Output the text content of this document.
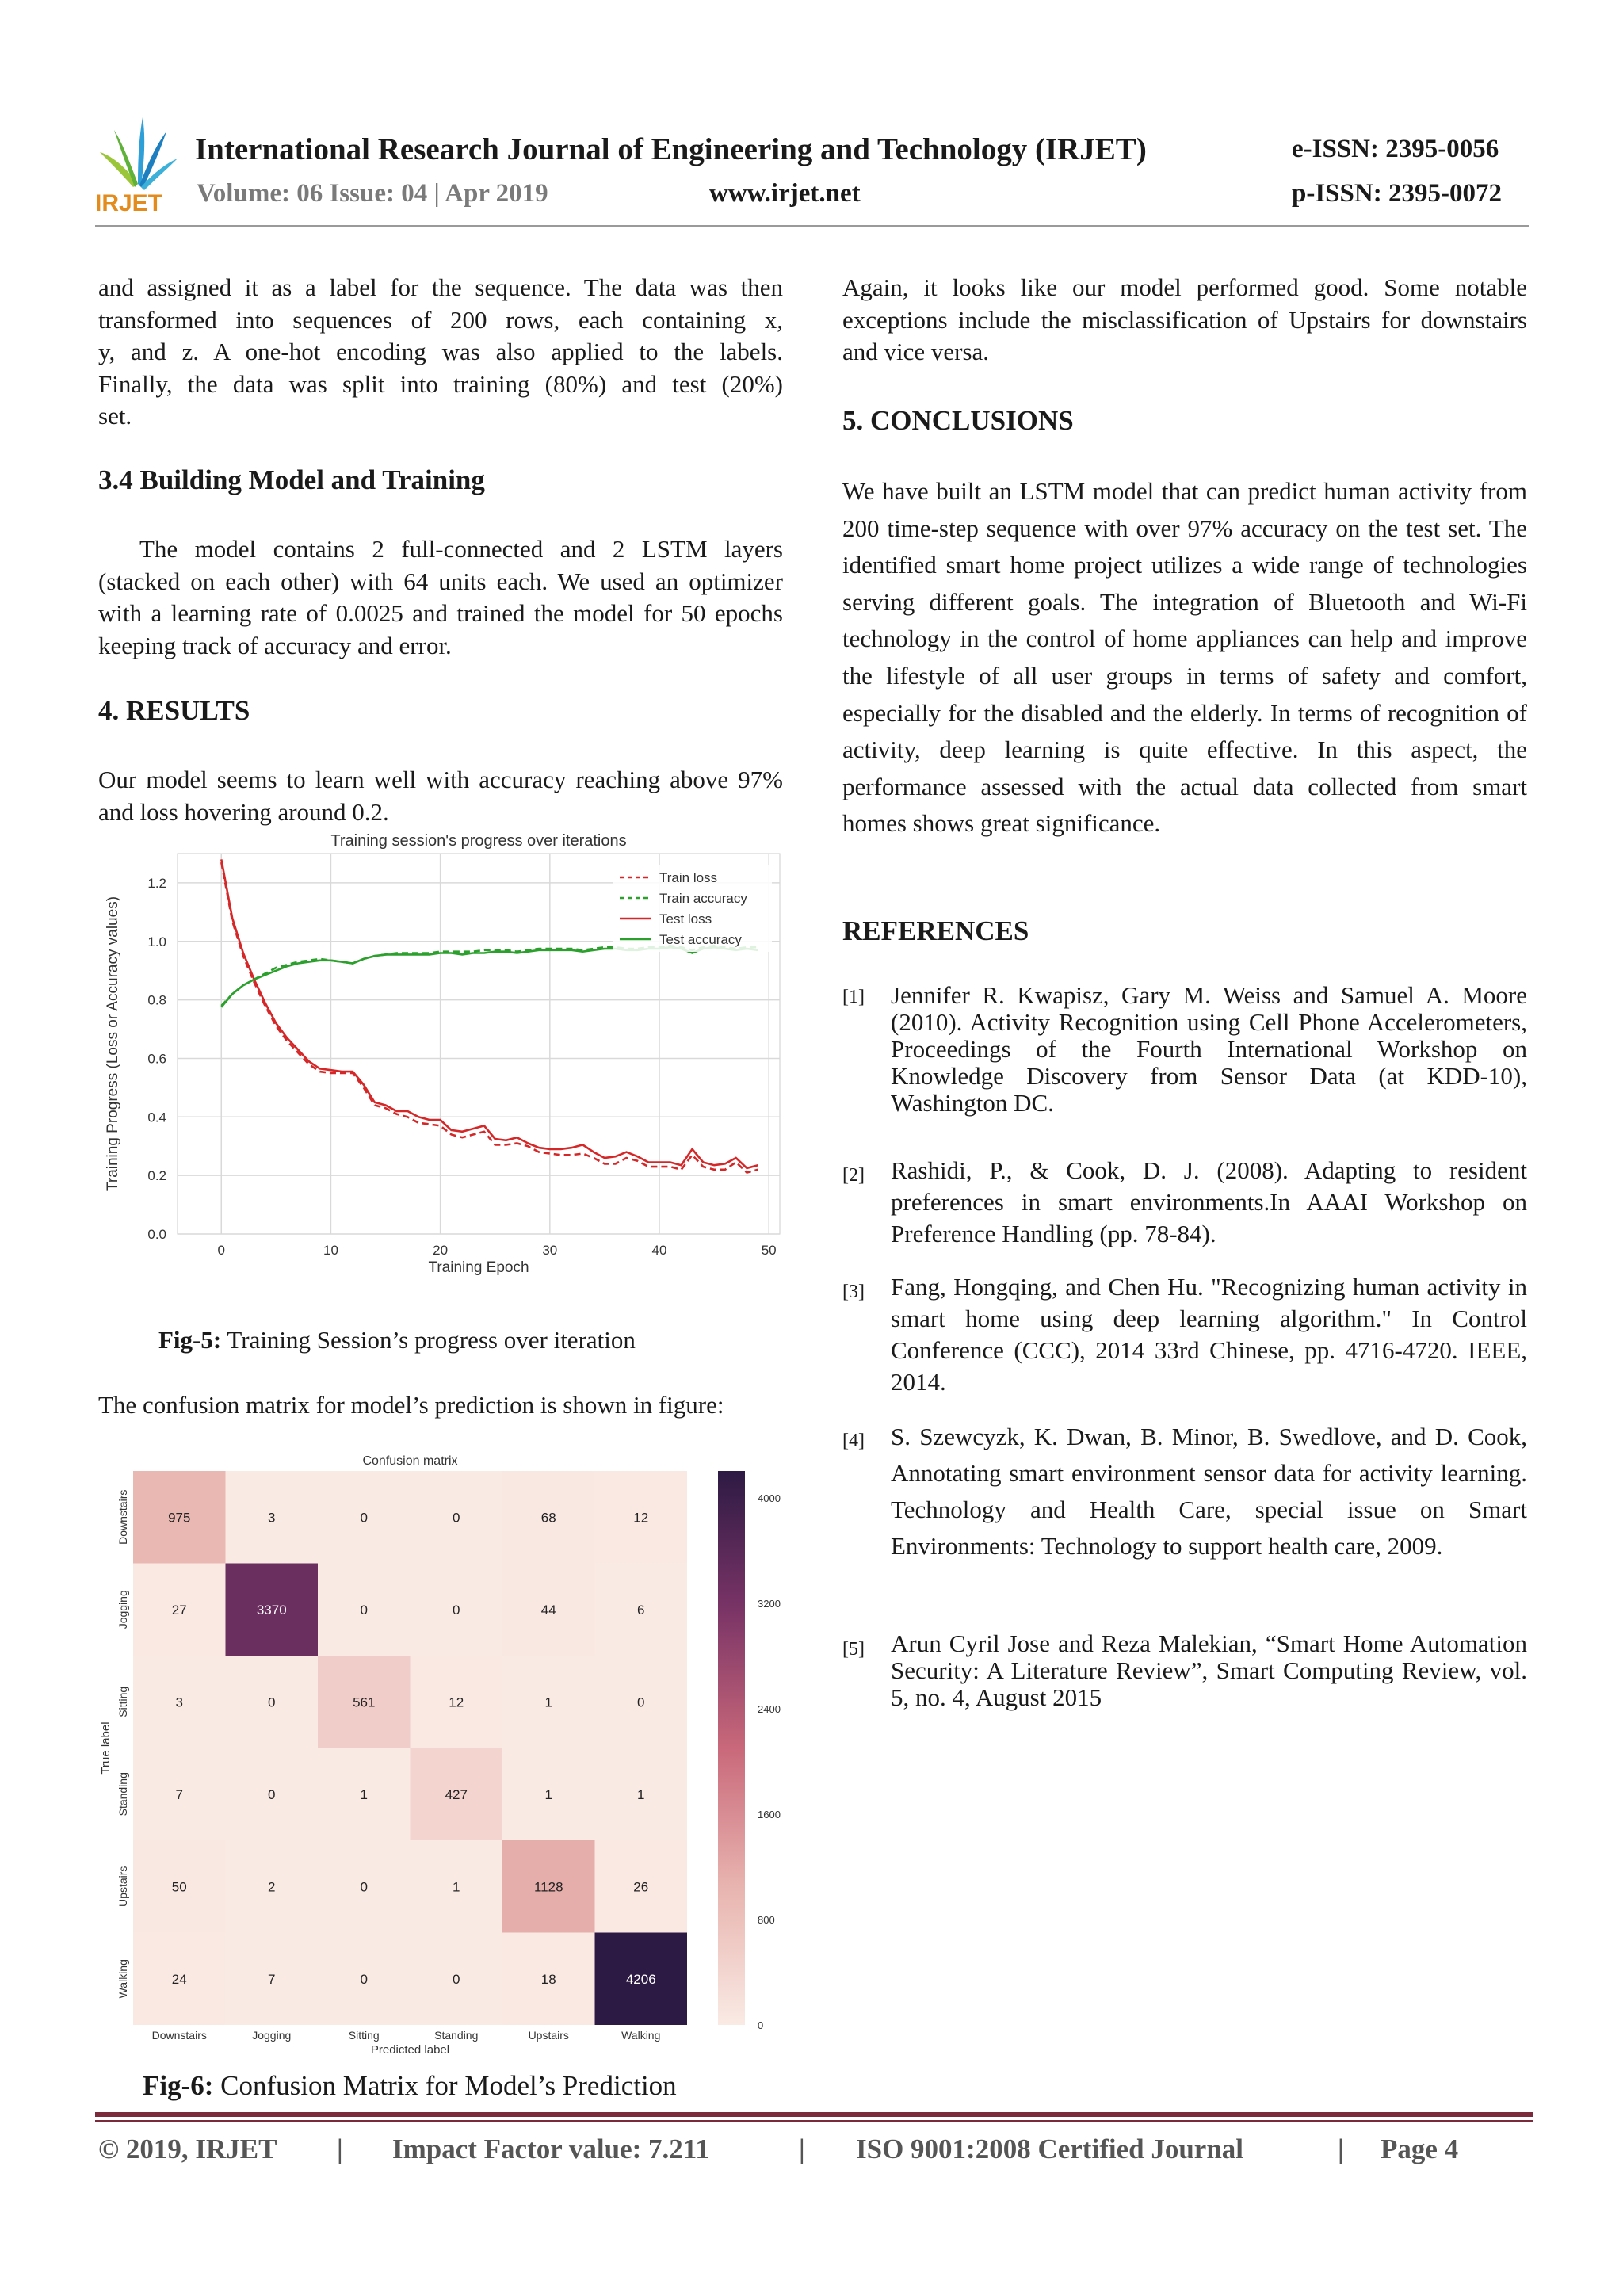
IRJET
International Research Journal of Engineering and Technology (IRJET)	e-ISSN: 2395-0056
Volume: 06 Issue: 04 | Apr 2019	www.irjet.net	p-ISSN: 2395-0072
and assigned it as a label for the sequence. The data was then
transformed into sequences of 200 rows, each containing x,
y, and z. A one-hot encoding was also applied to the labels.
Finally, the data was split into training (80%) and test (20%)
set.
3.4 Building Model and Training
The model contains 2 full-connected and 2 LSTM layers (stacked on each other) with 64 units each. We used an optimizer with a learning rate of 0.0025 and trained the model for 50 epochs keeping track of accuracy and error.
4. RESULTS
Our model seems to learn well with accuracy reaching above 97% and loss hovering around 0.2.
0	10	20	30	40	50
0.0
0.2
0.4
0.6
0.8
1.0
1.2
Training session's progress over iterations
Training Epoch
Training Progress (Loss or Accuracy values)
Train loss
Train accuracy
Test loss
Test accuracy
Fig-5: Training Session’s progress over iteration
The confusion matrix for model’s prediction is shown in figure:
Confusion matrix
975	3	0	0	68	12
Downstairs
27	3370	0	0	44	6
Jogging
3	0	561	12	1	0
Sitting
7	0	1	427	1	1
Standing
50	2	0	1	1128	26
Upstairs
24	7	0	0	18	4206
Walking
Downstairs	Jogging	Sitting	Standing	Upstairs	Walking
Predicted label
True label
0
800
1600
2400
3200
4000
Fig-6: Confusion Matrix for Model’s Prediction
Again, it looks like our model performed good. Some notable exceptions include the misclassification of Upstairs for downstairs and vice versa.
5. CONCLUSIONS
We have built an LSTM model that can predict human activity from 200 time-step sequence with over 97% accuracy on the test set. The identified smart home project utilizes a wide range of technologies serving different goals. The integration of Bluetooth and Wi-Fi technology in the control of home appliances can help and improve the lifestyle of all user groups in terms of safety and comfort, especially for the disabled and the elderly. In terms of recognition of activity, deep learning is quite effective. In this aspect, the performance assessed with the actual data collected from smart homes shows great significance.
REFERENCES
[1] Jennifer R. Kwapisz, Gary M. Weiss and Samuel A. Moore (2010). Activity Recognition using Cell Phone Accelerometers, Proceedings of the Fourth International Workshop on Knowledge Discovery from Sensor Data (at KDD-10), Washington DC.
[2] Rashidi, P., & Cook, D. J. (2008). Adapting to resident preferences in smart environments.In AAAI Workshop on Preference Handling (pp. 78-84).
[3] Fang, Hongqing, and Chen Hu. "Recognizing human activity in smart home using deep learning algorithm." In Control Conference (CCC), 2014 33rd Chinese, pp. 4716-4720. IEEE, 2014.
[4] S. Szewcyzk, K. Dwan, B. Minor, B. Swedlove, and D. Cook, Annotating smart environment sensor data for activity learning. Technology and Health Care, special issue on Smart Environments: Technology to support health care, 2009.
[5] Arun Cyril Jose and Reza Malekian, “Smart Home Automation Security: A Literature Review”, Smart Computing Review, vol. 5, no. 4, August 2015
© 2019, IRJET | Impact Factor value: 7.211	| ISO 9001:2008 Certified Journal	| Page 4
